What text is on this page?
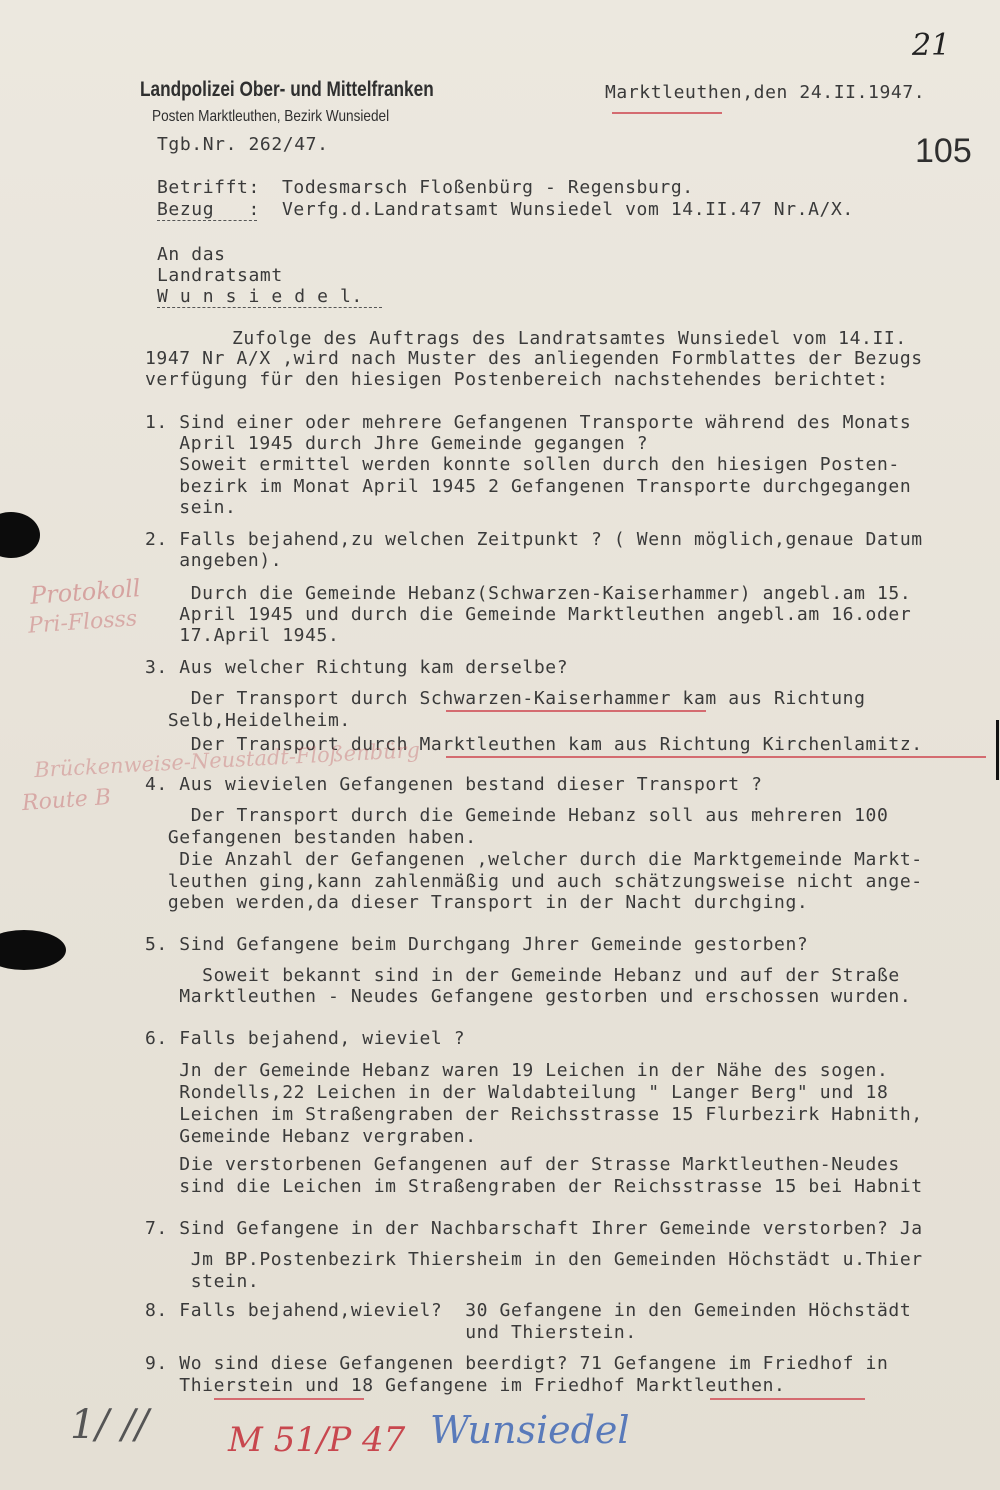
21
Landpolizei Ober- und Mittelfranken
Posten Marktleuthen, Bezirk Wunsiedel
Tgb.Nr. 262/47.
Marktleuthen,den 24.II.1947.
105
Betrifft: Todesmarsch Floßenbürg - Regensburg.
Bezug   : Verfg.d.Landratsamt Wunsiedel vom 14.II.47 Nr.A/X.
An das
Landratsamt
W u n s i e d e l.
Zufolge des Auftrags des Landratsamtes Wunsiedel vom 14.II.
1947 Nr A/X ,wird nach Muster des anliegenden Formblattes der Bezugs
verfügung für den hiesigen Postenbereich nachstehendes berichtet:
1. Sind einer oder mehrere Gefangenen Transporte während des Monats
April 1945 durch Jhre Gemeinde gegangen ?
Soweit ermittel werden konnte sollen durch den hiesigen Posten-
bezirk im Monat April 1945 2 Gefangenen Transporte durchgegangen
sein.
2. Falls bejahend,zu welchen Zeitpunkt ? ( Wenn möglich,genaue Datum
angeben).
Durch die Gemeinde Hebanz(Schwarzen-Kaiserhammer) angebl.am 15.
April 1945 und durch die Gemeinde Marktleuthen angebl.am 16.oder
17.April 1945.
3. Aus welcher Richtung kam derselbe?
Der Transport durch Schwarzen-Kaiserhammer kam aus Richtung
Selb,Heidelheim.
Der Transport durch Marktleuthen kam aus Richtung Kirchenlamitz.
4. Aus wievielen Gefangenen bestand dieser Transport ?
Der Transport durch die Gemeinde Hebanz soll aus mehreren 100
Gefangenen bestanden haben.
Die Anzahl der Gefangenen ,welcher durch die Marktgemeinde Markt-
leuthen ging,kann zahlenmäßig und auch schätzungsweise nicht ange-
geben werden,da dieser Transport in der Nacht durchging.
5. Sind Gefangene beim Durchgang Jhrer Gemeinde gestorben?
Soweit bekannt sind in der Gemeinde Hebanz und auf der Straße
Marktleuthen - Neudes Gefangene gestorben und erschossen wurden.
6. Falls bejahend, wieviel ?
Jn der Gemeinde Hebanz waren 19 Leichen in der Nähe des sogen.
Rondells,22 Leichen in der Waldabteilung " Langer Berg" und 18
Leichen im Straßengraben der Reichsstrasse 15 Flurbezirk Habnith,
Gemeinde Hebanz vergraben.
Die verstorbenen Gefangenen auf der Strasse Marktleuthen-Neudes
sind die Leichen im Straßengraben der Reichsstrasse 15 bei Habnit
7. Sind Gefangene in der Nachbarschaft Ihrer Gemeinde verstorben? Ja
Jm BP.Postenbezirk Thiersheim in den Gemeinden Höchstädt u.Thier
stein.
8. Falls bejahend,wieviel?  30 Gefangene in den Gemeinden Höchstädt
und Thierstein.
9. Wo sind diese Gefangenen beerdigt? 71 Gefangene im Friedhof in
Thierstein und 18 Gefangene im Friedhof Marktleuthen.
Protokoll
Pri-Flosss
Brückenweise-Neustadt-Floßenbürg
Route B
1/ // M 51/P 47 Wunsiedel
